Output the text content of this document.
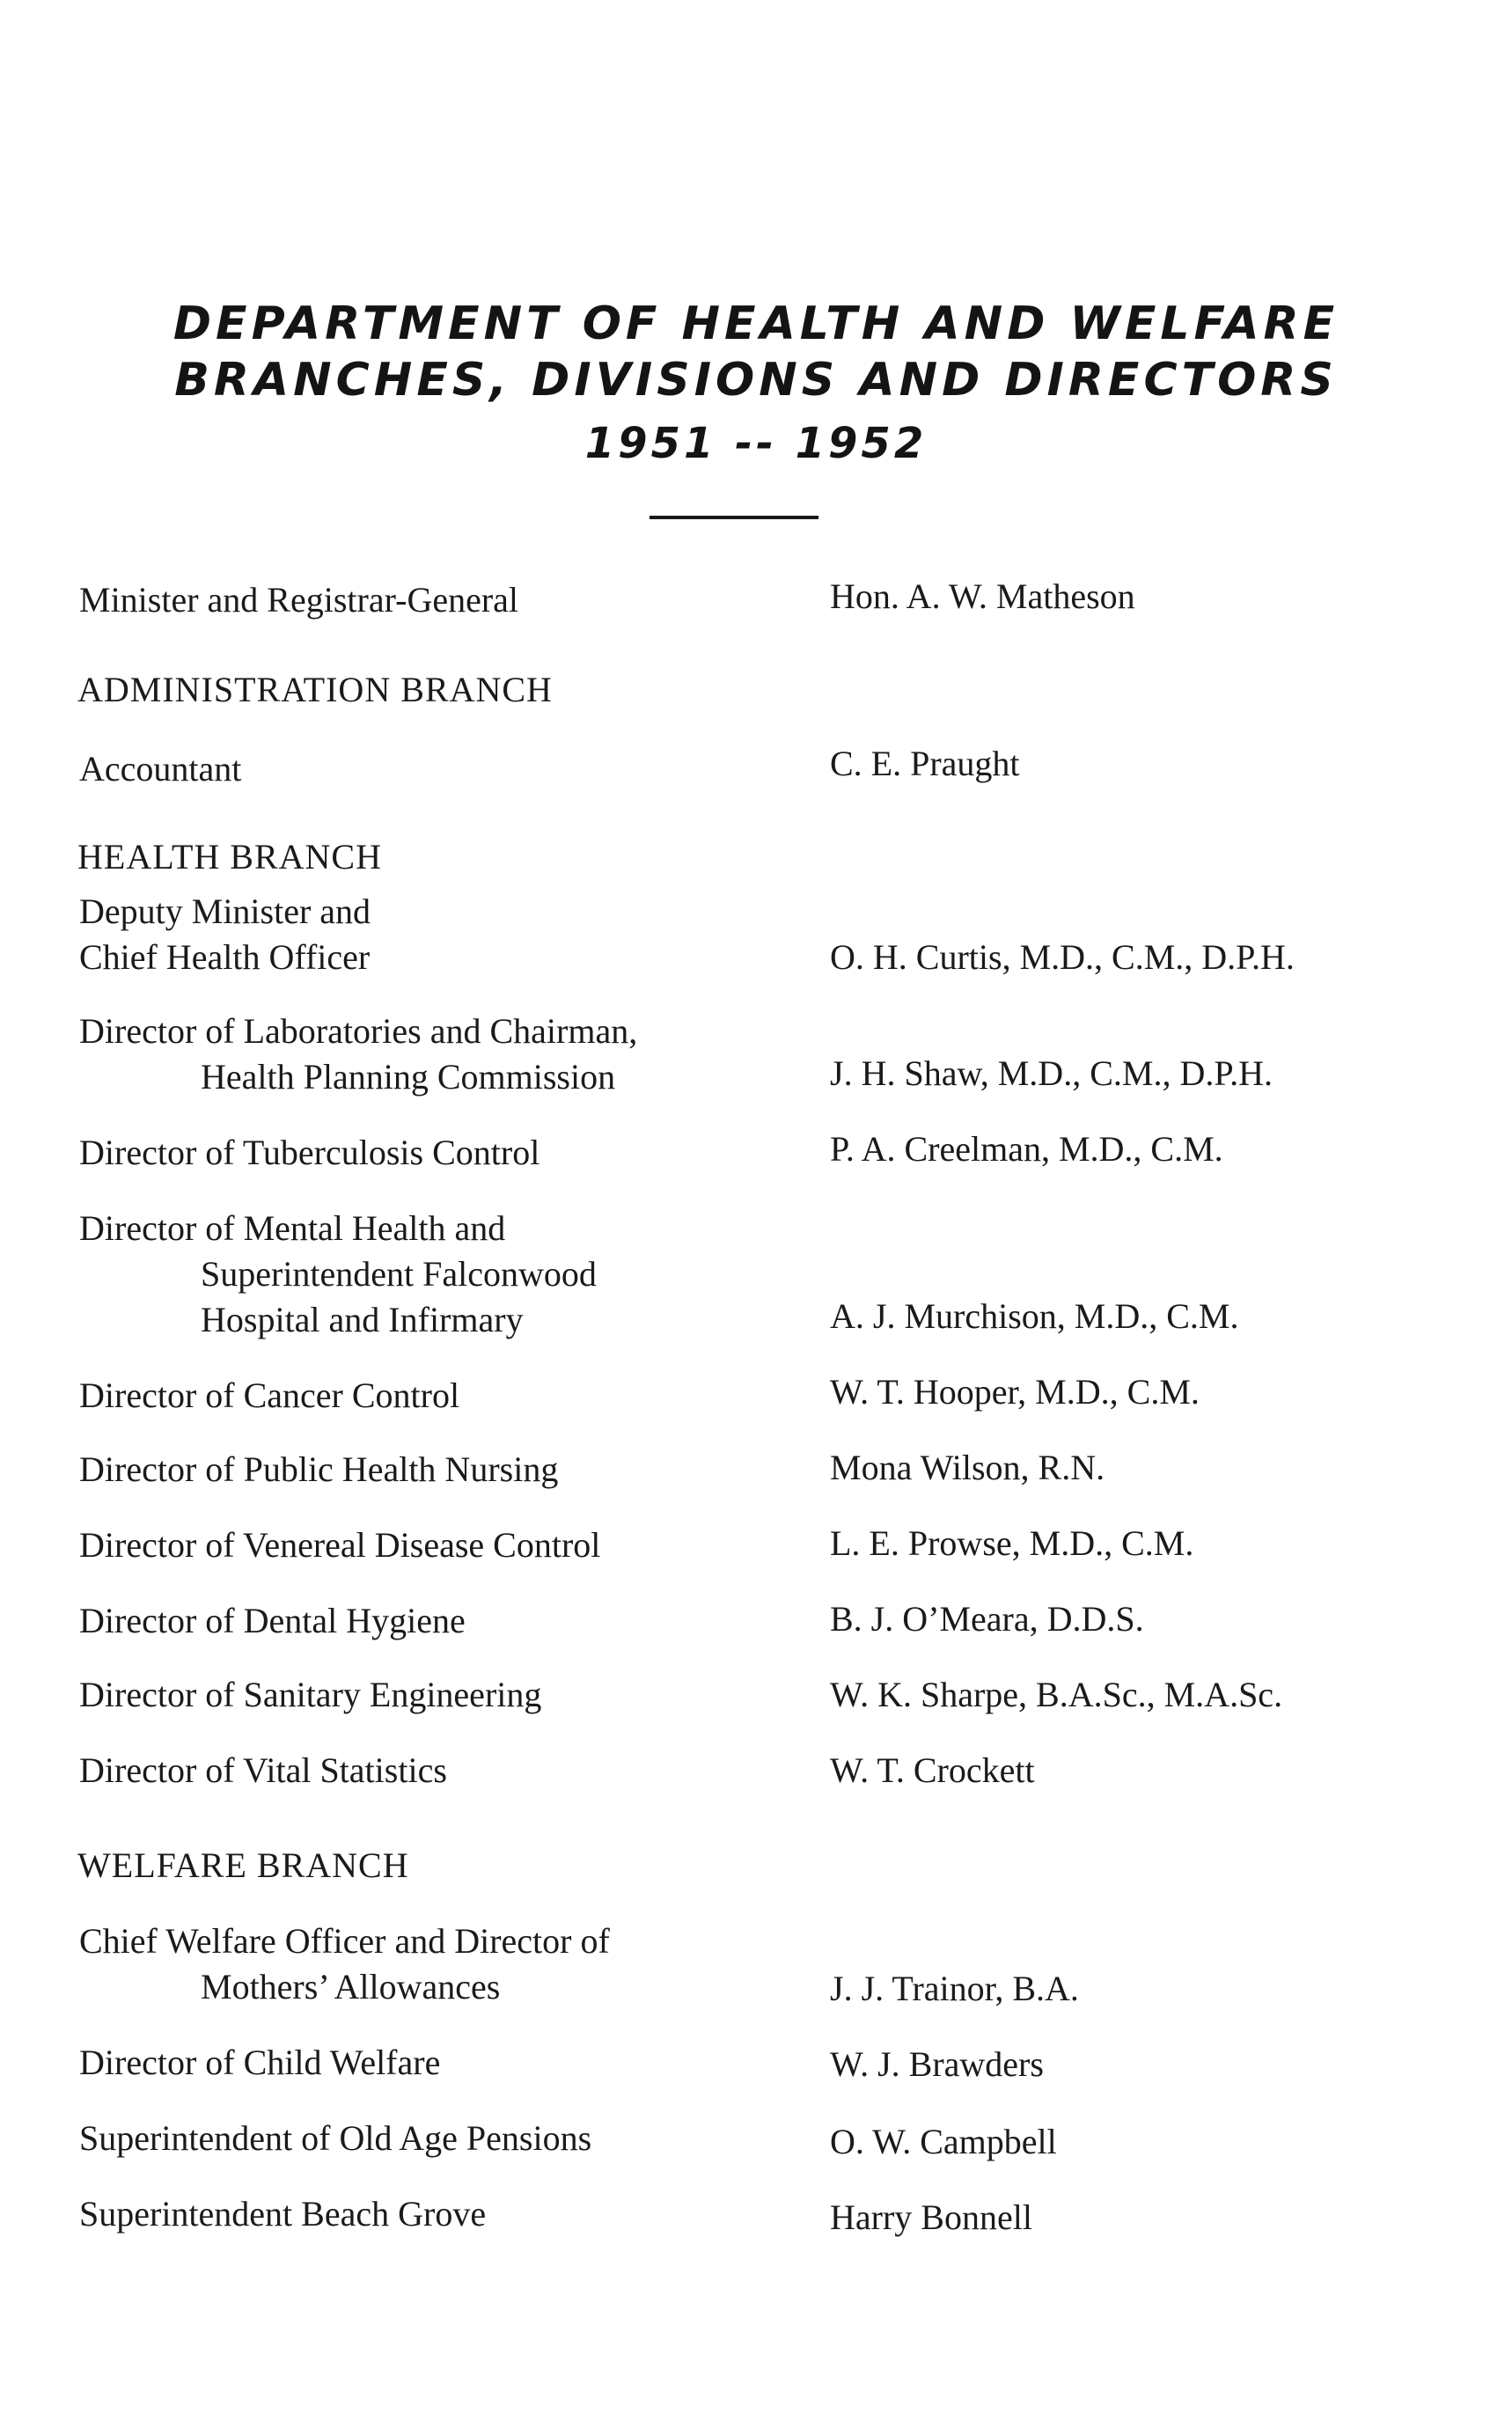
DEPARTMENT OF HEALTH AND WELFARE
BRANCHES, DIVISIONS AND DIRECTORS
1951 -- 1952
Minister and Registrar-General	Hon. A. W. Matheson
ADMINISTRATION BRANCH
Accountant	C. E. Praught
HEALTH BRANCH
Deputy Minister and
Chief Health Officer	O. H. Curtis, M.D., C.M., D.P.H.
Director of Laboratories and Chairman,
Health Planning Commission	J. H. Shaw, M.D., C.M., D.P.H.
Director of Tuberculosis Control	P. A. Creelman, M.D., C.M.
Director of Mental Health and
Superintendent Falconwood
Hospital and Infirmary	A. J. Murchison, M.D., C.M.
Director of Cancer Control	W. T. Hooper, M.D., C.M.
Director of Public Health Nursing	Mona Wilson, R.N.
Director of Venereal Disease Control	L. E. Prowse, M.D., C.M.
Director of Dental Hygiene	B. J. O’Meara, D.D.S.
Director of Sanitary Engineering	W. K. Sharpe, B.A.Sc., M.A.Sc.
Director of Vital Statistics	W. T. Crockett
WELFARE BRANCH
Chief Welfare Officer and Director of
Mothers’ Allowances	J. J. Trainor, B.A.
Director of Child Welfare	W. J. Brawders
Superintendent of Old Age Pensions	O. W. Campbell
Superintendent Beach Grove	Harry Bonnell
